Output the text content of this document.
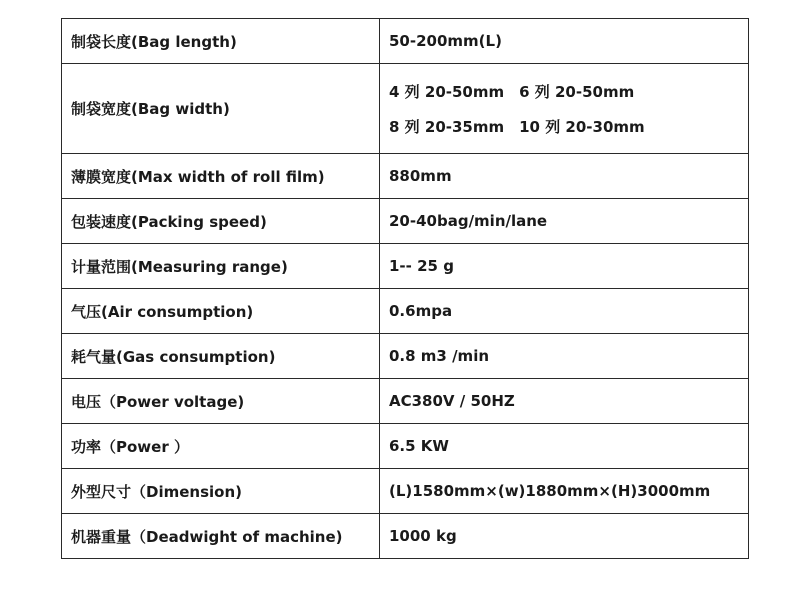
制袋长度(Bag length)	50-200mm(L)
制袋宽度(Bag width)	4 列 20-50mm　6 列 20-50mm
8 列 20-35mm　10 列 20-30mm

薄膜宽度(Max width of roll film)	880mm
包装速度(Packing speed)	20-40bag/min/lane
计量范围(Measuring range)	1-- 25 g
气压(Air consumption)	0.6mpa
耗气量(Gas consumption)	0.8 m3 /min
电压（Power voltage)	AC380V / 50HZ
功率（Power ）	6.5 KW
外型尺寸（Dimension)	(L)1580mm×(w)1880mm×(H)3000mm
机器重量（Deadwight of machine)	1000 kg
